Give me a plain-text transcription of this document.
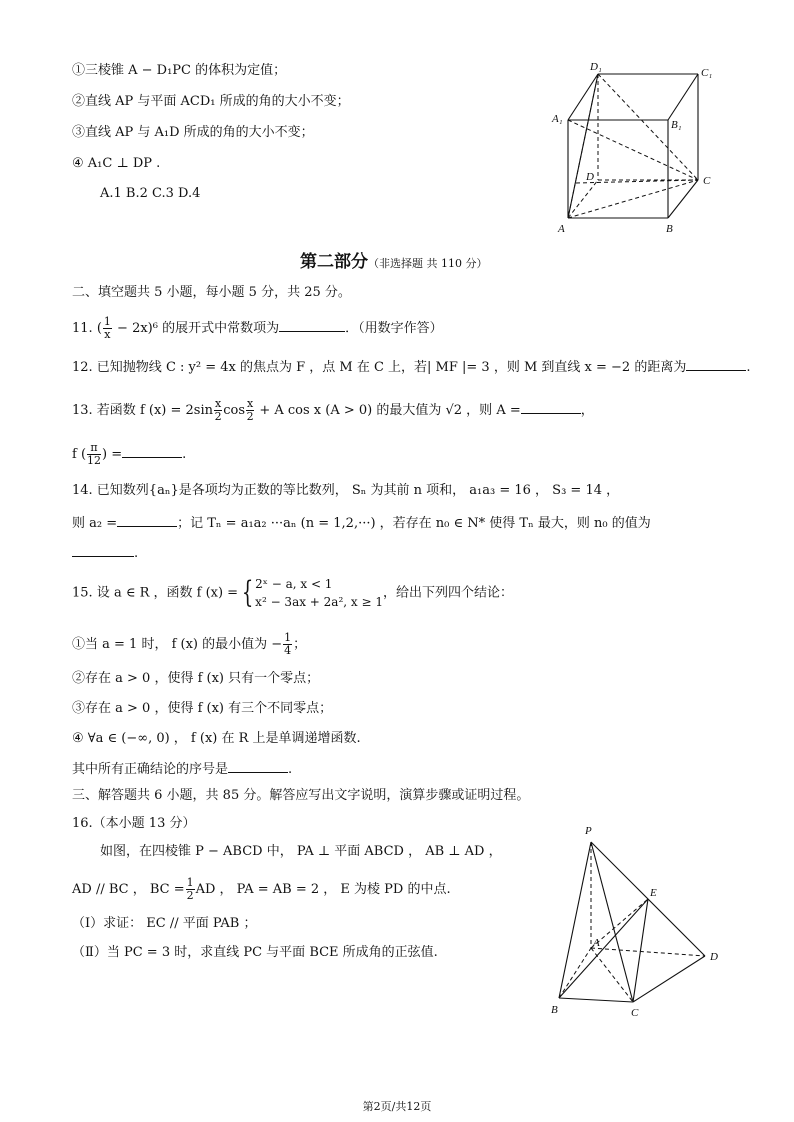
①三棱锥 A − D₁PC 的体积为定值；
②直线 AP 与平面 ACD₁ 所成的角的大小不变；
③直线 AP 与 A₁D 所成的角的大小不变；
④ A₁C ⊥ DP .
A.1 B.2 C.3 D.4
D₁	C₁
A₁	B₁
D	C
A	B
第二部分（非选择题 共 110 分）
二、填空题共 5 小题，每小题 5 分，共 25 分。
11. ( $\frac{1}{x} - 2x)^6$ 的展开式中常数项为	．（用数字作答）
12. 已知抛物线 C : y² = 4x 的焦点为 F ，点 M 在 C 上，若| MF |= 3 ，则 M 到直线 x = −2 的距离为	.
13. 若函数 f $(x) = 2\sin \frac{x}{2}$ $\cos \frac{x}{2} + A$ cos x (A > 0) 的最大值为 √2 ，则 A =	，
f ( $\frac{\pi}{12}$ ) =	.
14. 已知数列{aₙ}是各项均为正数的等比数列， Sₙ 为其前 n 项和， a₁a₃ = 16 ， S₃ = 14 ，
则 a₂ =	；记 Tₙ = a₁a₂ ···aₙ (n = 1,2,···) ，若存在 n₀ ∈ N* 使得 Tₙ 最大，则 n₀ 的值为
.
15. 设 a ∈ R ，函数 f (x) = { 2ˣ − a, x < 1
x² − 3ax + 2a², x ≥ 1
，给出下列四个结论：
①当 a = 1 时， f (x) 的最小值为 − $\frac{1}{4}$ ；
②存在 a > 0 ，使得 f (x) 只有一个零点；
③存在 a > 0 ，使得 f (x) 有三个不同零点；
④ ∀a ∈ (−∞, 0) ， f (x) 在 R 上是单调递增函数.
其中所有正确结论的序号是	.
三、解答题共 6 小题，共 85 分。解答应写出文字说明，演算步骤或证明过程。
16.（本小题 13 分）
如图，在四棱锥 P − ABCD 中， PA ⊥ 平面 ABCD ， AB ⊥ AD ，
AD // BC ， BC = $\frac{1}{2}$ AD ， PA = AB = 2 ， E 为棱 PD 的中点.
（Ⅰ）求证： EC // 平面 PAB ；
（Ⅱ）当 PC = 3 时，求直线 PC 与平面 BCE 所成角的正弦值.
P
E
A
D
B	C
第2页/共12页
